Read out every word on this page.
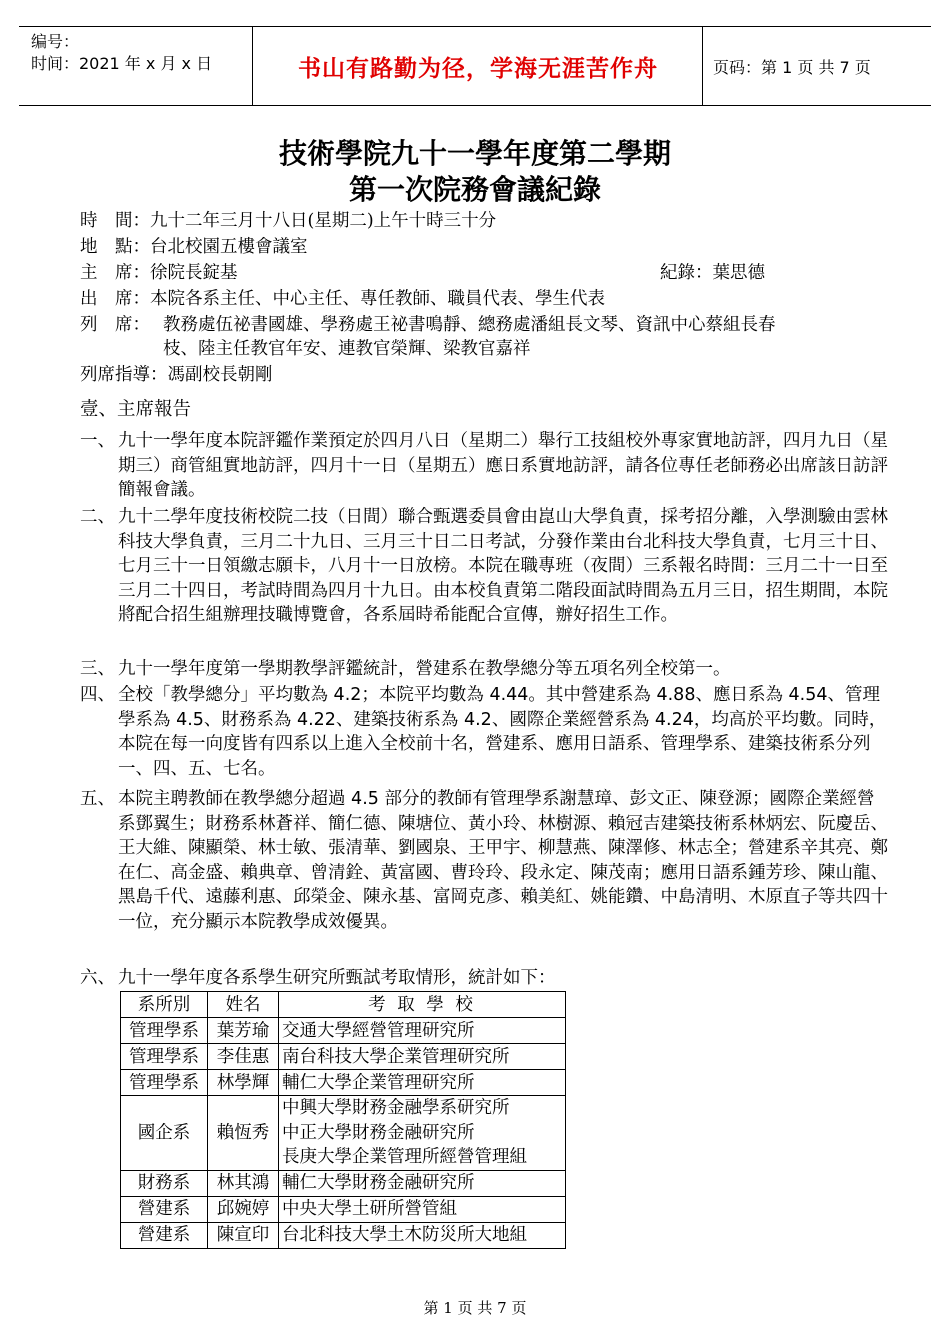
编号：
时间：2021 年 x 月 x 日	书山有路勤为径，学海无涯苦作舟	页码：第 1 页 共 7 页
技術學院九十一學年度第二學期
第一次院務會議紀錄
時　間：九十二年三月十八日(星期二)上午十時三十分
地　點：台北校園五樓會議室
主　席：徐院長錠基	紀錄：葉思德
出　席：本院各系主任、中心主任、專任教師、職員代表、學生代表
列　席： 教務處伍祕書國雄、學務處王祕書鳴靜、總務處潘組長文琴、資訊中心蔡組長春
枝、陸主任教官年安、連教官榮輝、梁教官嘉祥
列席指導：馮副校長朝剛
壹、主席報告
一、 九十一學年度本院評鑑作業預定於四月八日（星期二）舉行工技組校外專家實地訪評，四月九日（星期三）商管組實地訪評，四月十一日（星期五）應日系實地訪評，請各位專任老師務必出席該日訪評簡報會議。
二、 九十二學年度技術校院二技（日間）聯合甄選委員會由崑山大學負責，採考招分離，入學測驗由雲林科技大學負責，三月二十九日、三月三十日二日考試，分發作業由台北科技大學負責，七月三十日、七月三十一日領繳志願卡，八月十一日放榜。本院在職專班（夜間）三系報名時間：三月二十一日至三月二十四日，考試時間為四月十九日。由本校負責第二階段面試時間為五月三日，招生期間，本院將配合招生組辦理技職博覽會，各系屆時希能配合宣傳，辦好招生工作。
三、 九十一學年度第一學期教學評鑑統計，營建系在教學總分等五項名列全校第一。
四、 全校「教學總分」平均數為 4.2；本院平均數為 4.44。其中營建系為 4.88、應日系為 4.54、管理學系為 4.5、財務系為 4.22、建築技術系為 4.2、國際企業經營系為 4.24，均高於平均數。同時，本院在每一向度皆有四系以上進入全校前十名，營建系、應用日語系、管理學系、建築技術系分列一、四、五、七名。
五、 本院主聘教師在教學總分超過 4.5 部分的教師有管理學系謝慧璋、彭文正、陳登源；國際企業經營系鄧翼生；財務系林蒼祥、簡仁德、陳塘位、黃小玲、林樹源、賴冠吉建築技術系林炳宏、阮慶岳、王大維、陳顯榮、林士敏、張清華、劉國泉、王甲宇、柳慧燕、陳澤修、林志全；營建系辛其亮、鄭在仁、高金盛、賴典章、曾清銓、黃富國、曹玲玲、段永定、陳茂南；應用日語系鍾芳珍、陳山龍、黑島千代、遠藤利惠、邱榮金、陳永基、富岡克彥、賴美紅、姚能鑽、中島清明、木原直子等共四十一位，充分顯示本院教學成效優異。
六、 九十一學年度各系學生研究所甄試考取情形，統計如下：
系所別	姓名	考 取 學 校
管理學系	葉芳瑜	交通大學經營管理研究所
管理學系	李佳惠	南台科技大學企業管理研究所
管理學系	林學輝	輔仁大學企業管理研究所
國企系	賴恆秀	中興大學財務金融學系研究所
中正大學財務金融研究所
長庚大學企業管理所經營管理組

財務系	林其鴻	輔仁大學財務金融研究所
營建系	邱婉婷	中央大學土研所營管組
營建系	陳宣印	台北科技大學土木防災所大地組
第 1 页 共 7 页
